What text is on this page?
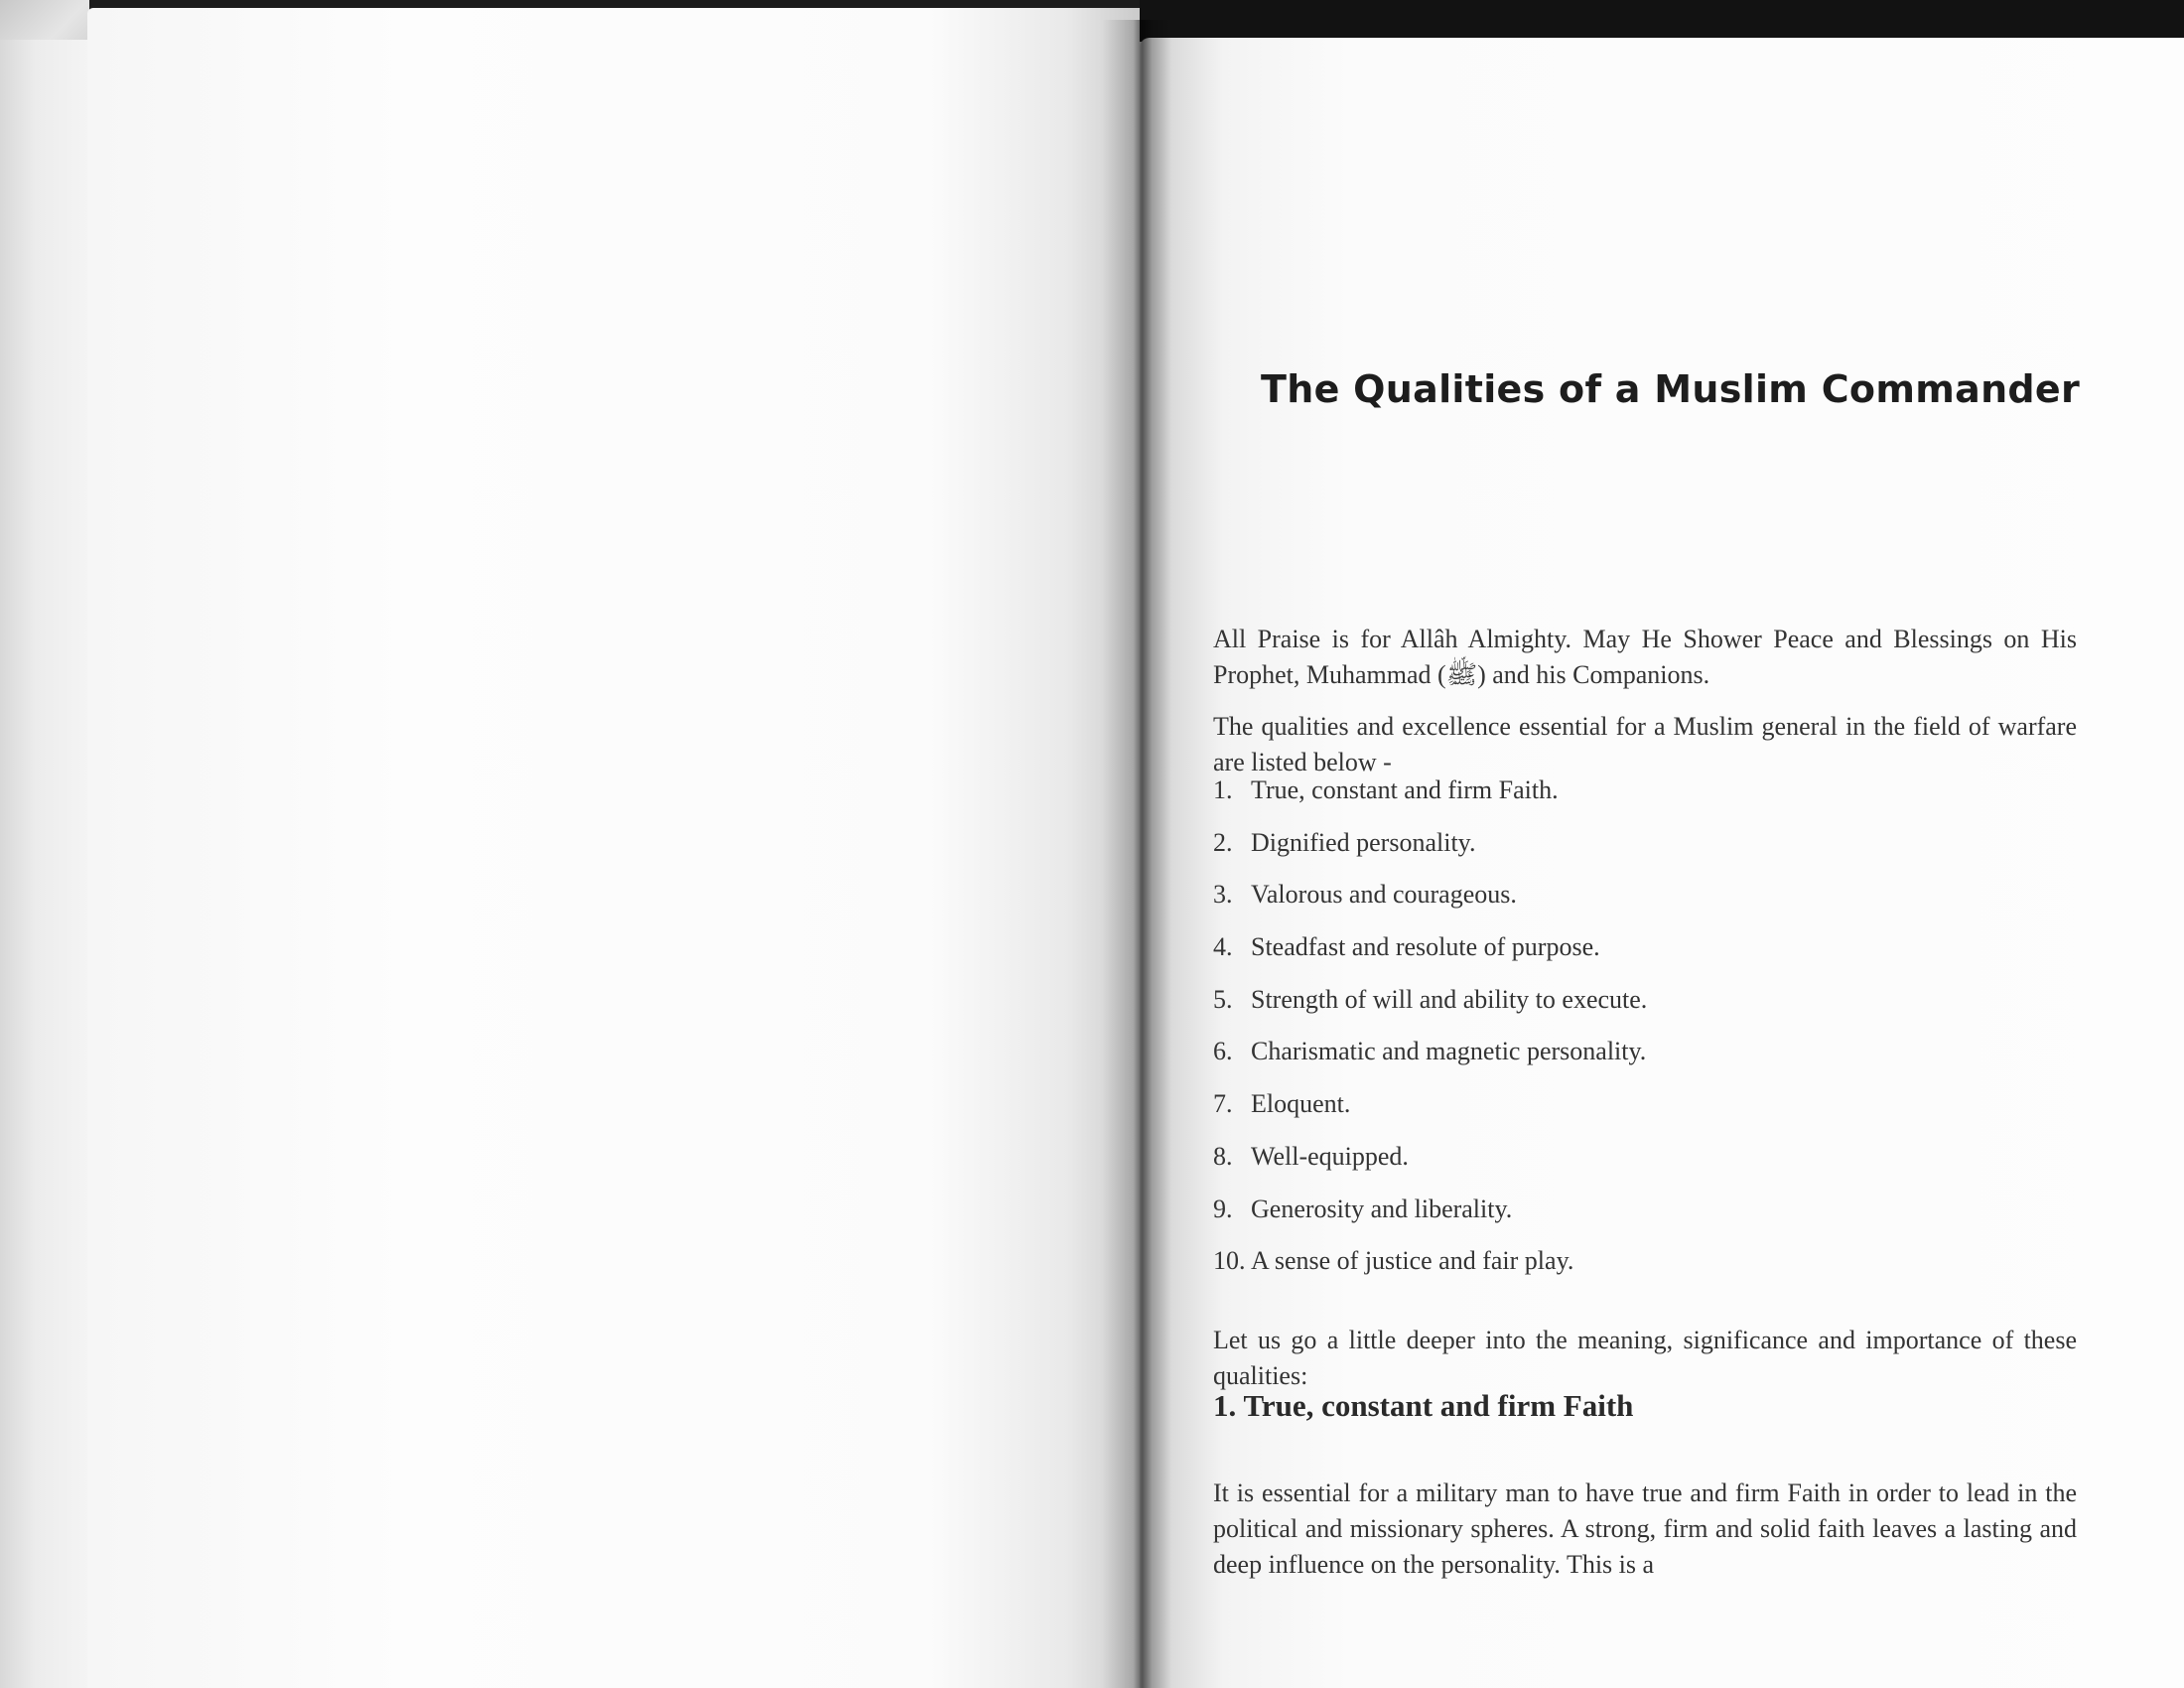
The Qualities of a Muslim Commander

All Praise is for Allâh Almighty. May He Shower Peace and Blessings on His Prophet, Muhammad (ﷺ) and his Companions.

The qualities and excellence essential for a Muslim general in the field of warfare are listed below -

1. True, constant and firm Faith.
2. Dignified personality.
3. Valorous and courageous.
4. Steadfast and resolute of purpose.
5. Strength of will and ability to execute.
6. Charismatic and magnetic personality.
7. Eloquent.
8. Well-equipped.
9. Generosity and liberality.
10. A sense of justice and fair play.

Let us go a little deeper into the meaning, significance and importance of these qualities:

1. True, constant and firm Faith

It is essential for a military man to have true and firm Faith in order to lead in the political and missionary spheres. A strong, firm and solid faith leaves a lasting and deep influence on the personality. This is a
